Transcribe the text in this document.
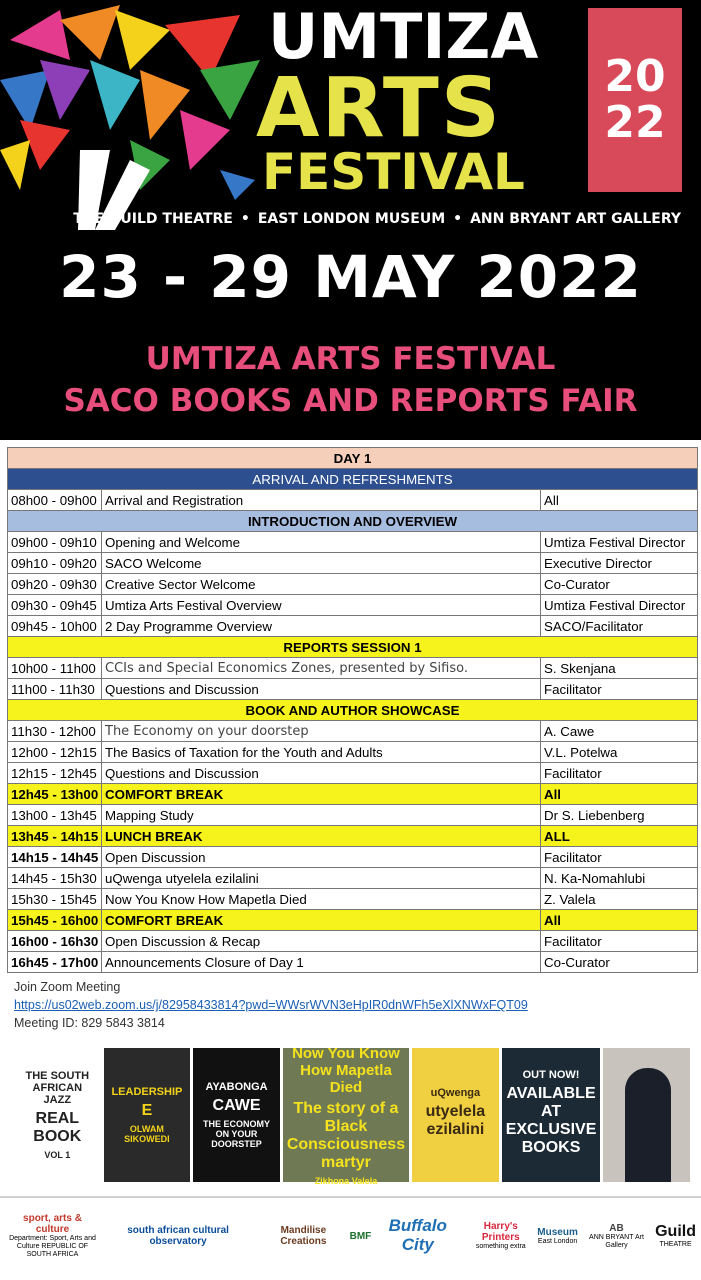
UMTIZA
ARTS
FESTIVAL
20
22
THE GUILD THEATRE • EAST LONDON MUSEUM • ANN BRYANT ART GALLERY
23 - 29 MAY 2022
UMTIZA ARTS FESTIVAL
SACO BOOKS AND REPORTS FAIR
DAY 1		
ARRIVAL AND REFRESHMENTS		
08h00 - 09h00	Arrival and Registration	All
INTRODUCTION AND OVERVIEW		
09h00 - 09h10	Opening and Welcome	Umtiza Festival Director
09h10 - 09h20	SACO Welcome	Executive Director
09h20 - 09h30	Creative Sector Welcome	Co-Curator
09h30 - 09h45	Umtiza Arts Festival Overview	Umtiza Festival Director
09h45 - 10h00	2 Day Programme Overview	SACO/Facilitator
REPORTS SESSION 1		
10h00 - 11h00	CCIs and Special Economics Zones, presented by Sifiso.	S. Skenjana
11h00 - 11h30	Questions and Discussion	Facilitator
BOOK AND AUTHOR SHOWCASE		
11h30 - 12h00	The Economy on your doorstep	A. Cawe
12h00 - 12h15	The Basics of Taxation for the Youth and Adults	V.L. Potelwa
12h15 - 12h45	Questions and Discussion	Facilitator
12h45 - 13h00	COMFORT BREAK	All
13h00 - 13h45	Mapping Study	Dr S. Liebenberg
13h45 - 14h15	LUNCH BREAK	ALL
14h15 - 14h45	Open Discussion	Facilitator
14h45 - 15h30	uQwenga utyelela ezilalini	N. Ka-Nomahlubi
15h30 - 15h45	Now You Know How Mapetla Died	Z. Valela
15h45 - 16h00	COMFORT BREAK	All
16h00 - 16h30	Open Discussion & Recap	Facilitator
16h45 - 17h00	Announcements Closure of Day 1	Co-Curator
Join Zoom Meeting
https://us02web.zoom.us/j/82958433814?pwd=WWsrWVN3eHpIR0dnWFh5eXlXNWxFQT09
Meeting ID: 829 5843 3814
THE SOUTH AFRICAN JAZZ
REAL BOOK
VOL 1
LEADERSHIP
E
OLWAM SIKOWEDI
AYABONGA
CAWE
THE ECONOMY ON YOUR DOORSTEP
Now You Know How Mapetla Died
The story of a Black Consciousness martyr
Zikhona Valela
uQwenga
utyelela ezilalini
OUT NOW!
AVAILABLE AT EXCLUSIVE BOOKS
sport, arts & culture
Department: Sport, Arts and Culture REPUBLIC OF SOUTH AFRICA
south african cultural observatory
Mandilise Creations	BMF
Buffalo City
Harry's Printers
something extra
Museum
East London
AB
ANN BRYANT Art Gallery
Guild
THEATRE
